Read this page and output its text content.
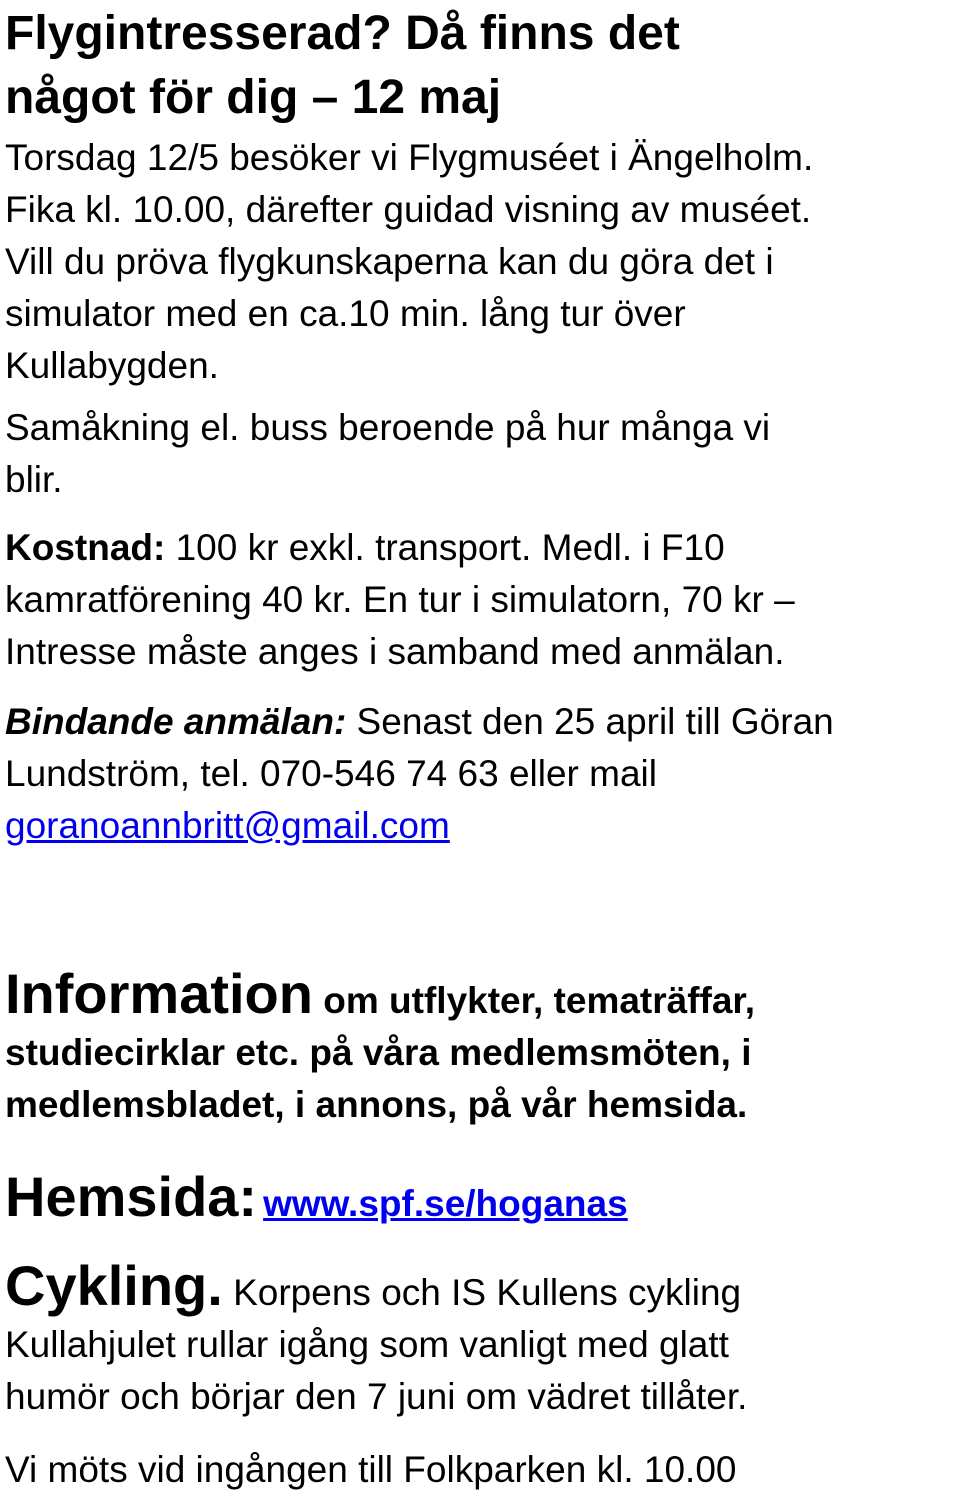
Flygintresserad? Då finns det
något för dig – 12 maj
Torsdag 12/5 besöker vi Flygmuséet i Ängelholm.
Fika kl. 10.00, därefter guidad visning av muséet.
Vill du pröva flygkunskaperna kan du göra det i
simulator med en ca.10 min. lång tur över
Kullabygden.
Samåkning el. buss beroende på hur många vi
blir.
Kostnad: 100 kr exkl. transport. Medl. i F10
kamratförening 40 kr. En tur i simulatorn, 70 kr –
Intresse måste anges i samband med anmälan.
Bindande anmälan: Senast den 25 april till Göran
Lundström, tel. 070-546 74 63 eller mail
goranoannbritt@gmail.com
Information om utflykter, tematräffar,
studiecirklar etc. på våra medlemsmöten, i
medlemsbladet, i annons, på vår hemsida.
Hemsida: www.spf.se/hoganas
Cykling. Korpens och IS Kullens cykling
Kullahjulet rullar igång som vanligt med glatt
humör och börjar den 7 juni om vädret tillåter.
Vi möts vid ingången till Folkparken kl. 10.00
